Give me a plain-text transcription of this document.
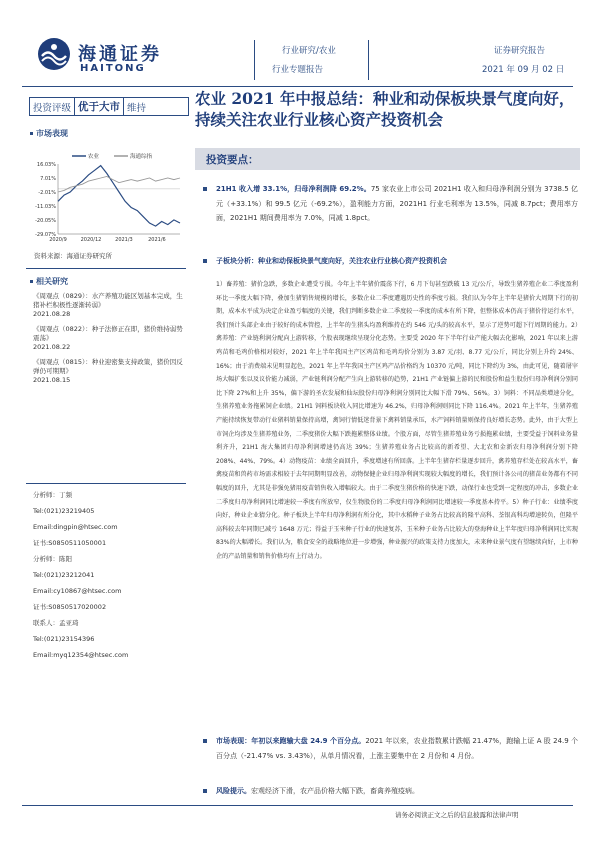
海通证券
HAITONG
行业研究/农业
行业专题报告
证券研究报告
2021 年 09 月 02 日
投资评级 优于大市 维持	农业 2021 年中报总结：种业和动保板块景气度向好，持续关注农业行业核心资产投资机会
市场表现
农业	海通综指
16.03%
7.01%
-2.01%
-11.03%
-20.05%
-29.07%
2020/9	2020/12	2021/3	2021/6
资料来源：海通证券研究所
相关研究
《周观点（0829）：水产养殖功能区划基本完成，生猪补栏积极性逐渐转弱》
2021.08.28
《周观点（0822）：种子法修正在即，猪价维持弱势震荡》
2021.08.22
《周观点（0815）：种业迎密集支持政策，猪价因反弹仍可期期》
2021.08.15
分析师：丁频
Tel:(021)23219405
Email:dingpin@htsec.com
证书:S0850511050001
分析师：陈阳
Tel:(021)23212041
Email:cy10867@htsec.com
证书:S0850517020002
联系人：孟亚琦
Tel:(021)23154396
Email:myq12354@htsec.com
投资要点：
21H1 收入增 33.1%，归母净利润降 69.2%。75 家农业上市公司 2021H1 收入和归母净利润分别为 3738.5 亿元（+33.1%）和 99.5 亿元（-69.2%），盈利能力方面，2021H1 行业毛利率为 13.5%，同减 8.7pct；费用率方面，2021H1 期间费用率为 7.0%，同减 1.8pct。
子板块分析：种业和动保板块景气度向好，关注农业行业核心资产投资机会
1）畜养殖：猪价急跌，多数企业遭受亏损。今年上半年猪价震荡下行，6 月下旬甚至跌破 13 元/公斤，导致生猪养殖企业二季度盈利环比一季度大幅下降，叠加生猪销售规模的增长，多数企业二季度遭遇历史性的季度亏损。我们认为今年上半年是猪价大周期下行的初期，成本水平成为决定企业盈亏幅度的关键，我们判断多数企业二季度较一季度的成本有所下降，但整体成本仍高于猪价待运行水平，我们预计头部企业由于较好的成本管控，上半年的生猪头均盈利维持在约 546 元/头的较高水平，显示了逆势可超下行周期的能力。2）禽养殖：产业链利润分配向上游转移，个股表现继续呈现分化态势。主要受 2020 年下半年行业产能大幅去化影响，2021 年以来上游鸡苗和毛鸡价格相对较好，2021 年上半年我国主产区鸡苗和毛鸡均价分别为 3.87 元/羽、8.77 元/公斤，同比分别上升约 24%、16%；由于消费端未见明显起色，2021 年上半年我国主产区鸡产品价格约为 10370 元/吨，同比下降约为 3%，由此可见，随着屠宰场大幅扩张以及议价能力减弱，产业链利润分配产生向上游转移的趋势，21H1 产业链偏上游的民和股份和益生股份归母净利润分别同比下降 27%和上升 35%，偏下游的圣农发展和仙坛股份归母净利润分别同比大幅下滑 79%、56%。3）饲料：不同品类增速分化，生猪养殖业务拖累饲企业绩。21H1 饲料板块收入同比增速为 46.2%，归母净利润则同比下降 116.4%。2021 年上半年，生猪养殖产能持续恢复带动行业猪料销量保持高增，禽饲行情低迷背景下禽料销量承压，水产饲料销量则保持良好增长态势。此外，由于大型上市饲企均涉及生猪养殖业务，二季度猪价大幅下跌拖累整体业绩。个股方面，尽管生猪养殖业务亏损拖累业绩，主要受益于饲料业务量利齐升，21H1 海大集团归母净利润增速仍高达 39%；生猪养殖业务占比较高的新希望、大北农和金新农归母净利润分别下降 208%、44%、79%。4）动物疫苗：业绩全面回升，季度增速有所回落。上半年生猪存栏量逐步回升，禽养殖存栏处在较高水平，畜禽疫苗和兽药市场需求相较于去年同期明显改善，动物保健企业归母净利润实现较大幅度的增长，我们预计各公司的猪苗业务都有不同幅度的回升，尤其是非强免猪用疫苗销售收入增幅较大。由于二季度生猪价格的快速下跌，动保行业也受到一定程度的冲击，多数企业二季度归母净利润同比增速较一季度有所放窄，仅生物股份的二季度归母净利润同比增速较一季度基本持平。5）种子行业：业绩季度向好，种业企业猜分化。种子板块上半年归母净利润有所分化，其中水稻种子业务占比较高的隆平高科、荃银高科均增速转负，但隆平高科较去年同期已减亏 1648 万元；得益于玉米种子行业的快速复苏，玉米种子业务占比较大的登海种业上半年度归母净利润同比实现 83%的大幅增长。我们认为，粮食安全的战略地位进一步增强，种业振兴的政策支持力度加大，未来种业景气度有望继续向好，上市种企的产品销量和销售价格均有上行动力。
市场表现：年初以来跑输大盘 24.9 个百分点。2021 年以来，农业指数累计跌幅 21.47%，跑输上证 A 股 24.9 个百分点（-21.47% vs. 3.43%），从单月情况看，上涨主要集中在 2 月份和 4 月份。
风险提示。宏观经济下滑，农产品价格大幅下跌，畜禽养殖疫病。
请务必阅读正文之后的信息披露和法律声明
